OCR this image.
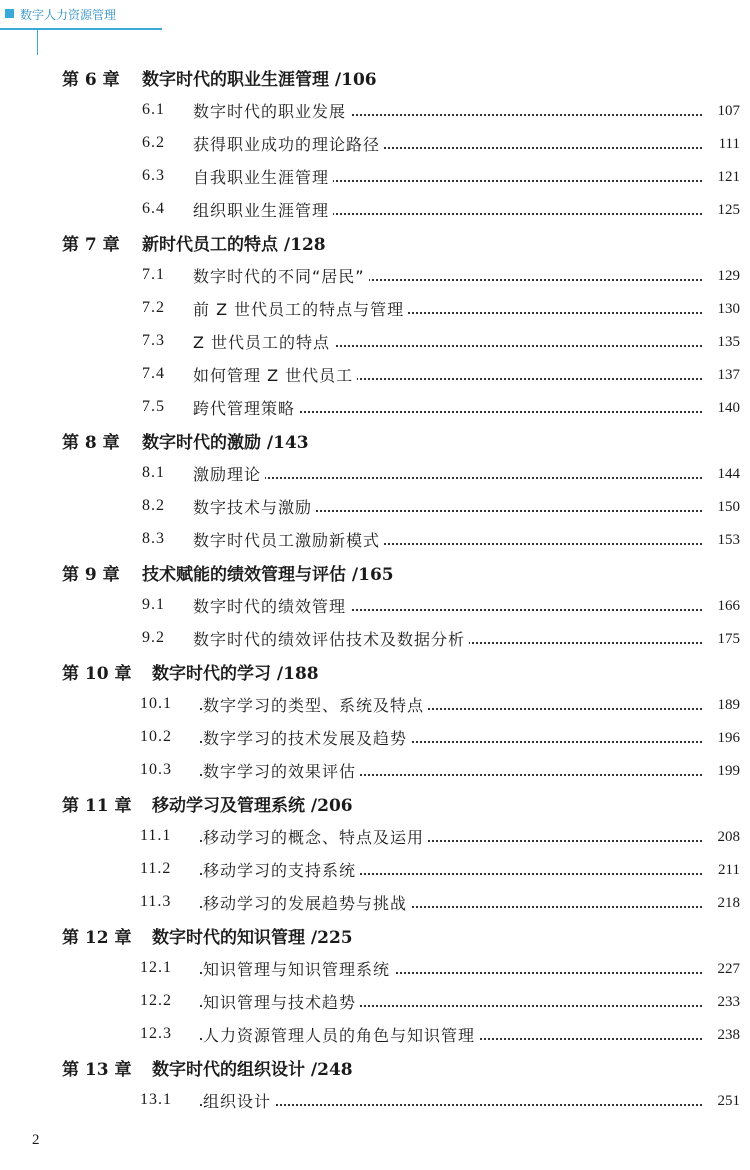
数字人力资源管理
第 6 章 数字时代的职业生涯管理 /106
6.1 数字时代的职业发展	107
6.2 获得职业成功的理论路径	111
6.3 自我职业生涯管理	121
6.4 组织职业生涯管理	125
第 7 章 新时代员工的特点 /128
7.1 数字时代的不同“居民”	129
7.2 前 Z 世代员工的特点与管理	130
7.3 Z 世代员工的特点	135
7.4 如何管理 Z 世代员工	137
7.5 跨代管理策略	140
第 8 章 数字时代的激励 /143
8.1 激励理论	144
8.2 数字技术与激励	150
8.3 数字时代员工激励新模式	153
第 9 章 技术赋能的绩效管理与评估 /165
9.1 数字时代的绩效管理	166
9.2 数字时代的绩效评估技术及数据分析	175
第 10 章 数字时代的学习 /188
10.1 数字学习的类型、系统及特点	189
10.2 数字学习的技术发展及趋势	196
10.3 数字学习的效果评估	199
第 11 章 移动学习及管理系统 /206
11.1 移动学习的概念、特点及运用	208
11.2 移动学习的支持系统	211
11.3 移动学习的发展趋势与挑战	218
第 12 章 数字时代的知识管理 /225
12.1 知识管理与知识管理系统	227
12.2 知识管理与技术趋势	233
12.3 人力资源管理人员的角色与知识管理	238
第 13 章 数字时代的组织设计 /248
13.1 组织设计	251
2
